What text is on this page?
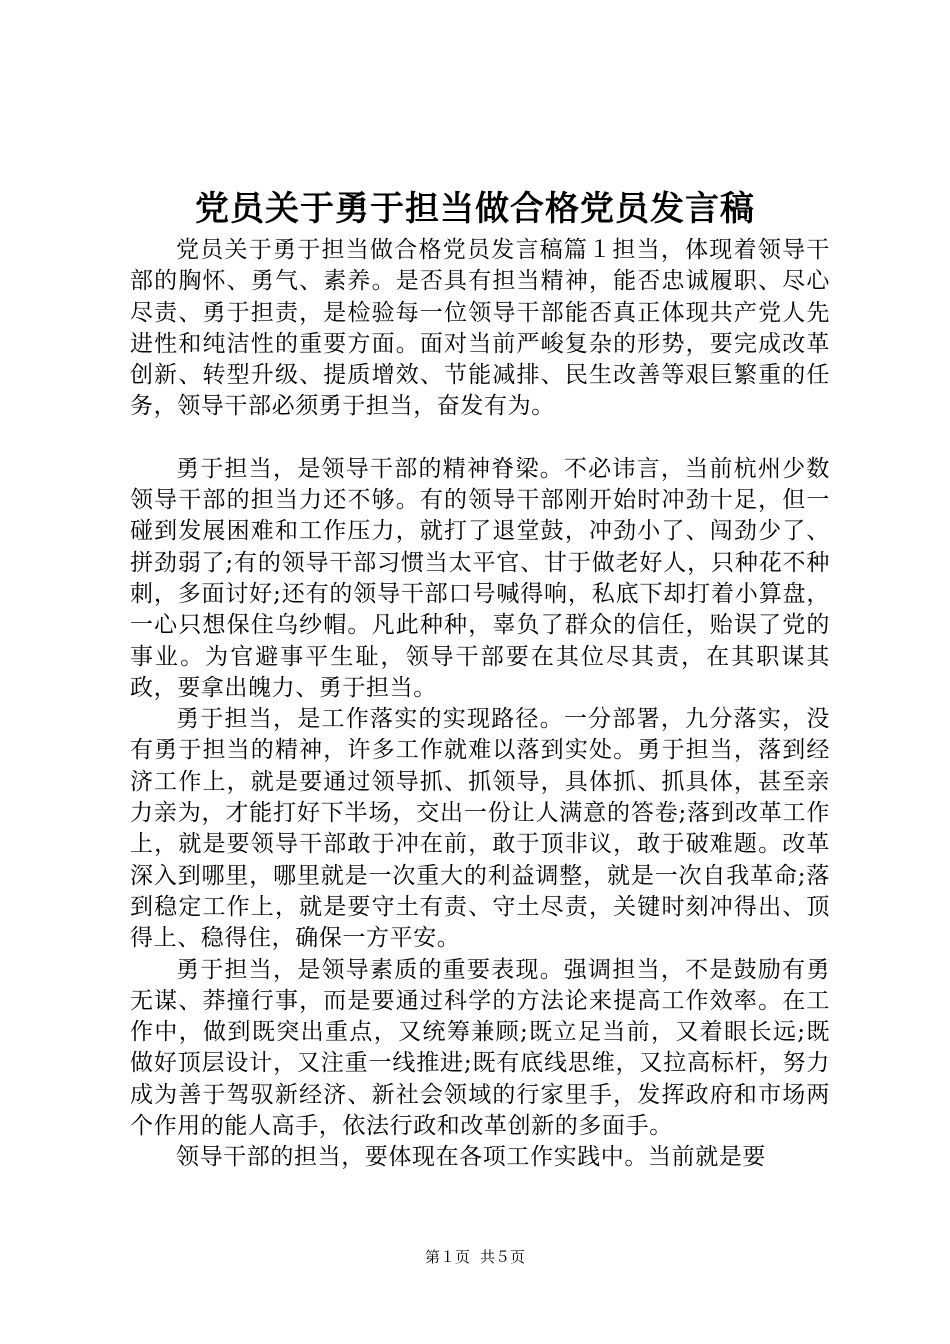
党员关于勇于担当做合格党员发言稿

党员关于勇于担当做合格党员发言稿篇１担当，体现着领导干部的胸怀、勇气、素养。是否具有担当精神，能否忠诚履职、尽心尽责、勇于担责，是检验每一位领导干部能否真正体现共产党人先进性和纯洁性的重要方面。面对当前严峻复杂的形势，要完成改革创新、转型升级、提质增效、节能减排、民生改善等艰巨繁重的任务，领导干部必须勇于担当，奋发有为。

勇于担当，是领导干部的精神脊梁。不必讳言，当前杭州少数领导干部的担当力还不够。有的领导干部刚开始时冲劲十足，但一碰到发展困难和工作压力，就打了退堂鼓，冲劲小了、闯劲少了、拼劲弱了;有的领导干部习惯当太平官、甘于做老好人，只种花不种刺，多面讨好;还有的领导干部口号喊得响，私底下却打着小算盘，一心只想保住乌纱帽。凡此种种，辜负了群众的信任，贻误了党的事业。为官避事平生耻，领导干部要在其位尽其责，在其职谋其政，要拿出魄力、勇于担当。

勇于担当，是工作落实的实现路径。一分部署，九分落实，没有勇于担当的精神，许多工作就难以落到实处。勇于担当，落到经济工作上，就是要通过领导抓、抓领导，具体抓、抓具体，甚至亲力亲为，才能打好下半场，交出一份让人满意的答卷;落到改革工作上，就是要领导干部敢于冲在前，敢于顶非议，敢于破难题。改革深入到哪里，哪里就是一次重大的利益调整，就是一次自我革命;落到稳定工作上，就是要守土有责、守土尽责，关键时刻冲得出、顶得上、稳得住，确保一方平安。

勇于担当，是领导素质的重要表现。强调担当，不是鼓励有勇无谋、莽撞行事，而是要通过科学的方法论来提高工作效率。在工作中，做到既突出重点，又统筹兼顾;既立足当前，又着眼长远;既做好顶层设计，又注重一线推进;既有底线思维，又拉高标杆，努力成为善于驾驭新经济、新社会领域的行家里手，发挥政府和市场两个作用的能人高手，依法行政和改革创新的多面手。

领导干部的担当，要体现在各项工作实践中。当前就是要

第１页 共５页
